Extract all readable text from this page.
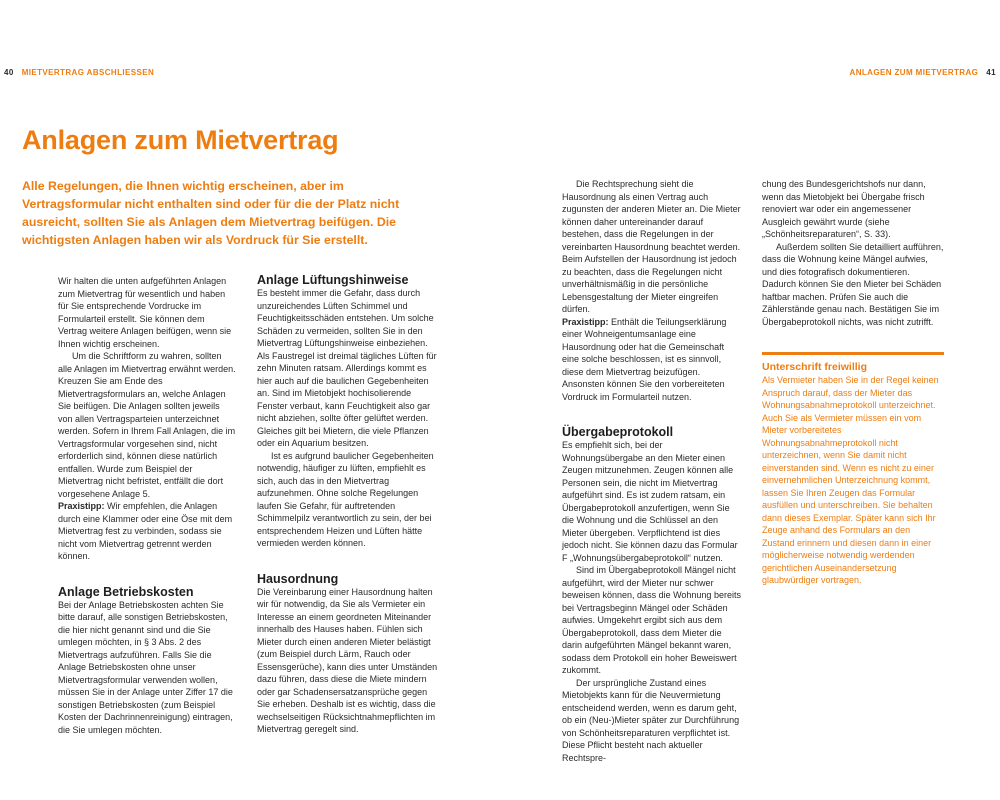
40 MIETVERTRAG ABSCHLIESSEN	ANLAGEN ZUM MIETVERTRAG 41
Anlagen zum Mietvertrag

Alle Regelungen, die Ihnen wichtig erscheinen, aber im Vertragsformular nicht enthalten sind oder für die der Platz nicht ausreicht, sollten Sie als Anlagen dem Mietvertrag beifügen. Die wichtigsten Anlagen haben wir als Vordruck für Sie erstellt.

Wir halten die unten aufgeführten Anlagen zum Mietvertrag für wesentlich und haben für Sie entsprechende Vordrucke im Formularteil erstellt. Sie können dem Vertrag weitere Anlagen beifügen, wenn sie Ihnen wichtig erscheinen.

Um die Schriftform zu wahren, sollten alle Anlagen im Mietvertrag erwähnt werden. Kreuzen Sie am Ende des Mietvertragsformulars an, welche Anlagen Sie beifügen. Die Anlagen sollten jeweils von allen Vertragsparteien unterzeichnet werden. Sofern in Ihrem Fall Anlagen, die im Vertragsformular vorgesehen sind, nicht erforderlich sind, können diese natürlich entfallen. Wurde zum Beispiel der Mietvertrag nicht befristet, entfällt die dort vorgesehene Anlage 5.

Praxistipp: Wir empfehlen, die Anlagen durch eine Klammer oder eine Öse mit dem Mietvertrag fest zu verbinden, sodass sie nicht vom Mietvertrag getrennt werden können.

Anlage Betriebskosten

Bei der Anlage Betriebskosten achten Sie bitte darauf, alle sonstigen Betriebskosten, die hier nicht genannt sind und die Sie umlegen möchten, in § 3 Abs. 2 des Mietvertrags aufzuführen. Falls Sie die Anlage Betriebskosten ohne unser Mietvertragsformular verwenden wollen, müssen Sie in der Anlage unter Ziffer 17 die sonstigen Betriebskosten (zum Beispiel Kosten der Dachrinnenreinigung) eintragen, die Sie umlegen möchten.

Anlage Lüftungshinweise

Es besteht immer die Gefahr, dass durch unzureichendes Lüften Schimmel und Feuchtigkeitsschäden entstehen. Um solche Schäden zu vermeiden, sollten Sie in den Mietvertrag Lüftungshinweise einbeziehen. Als Faustregel ist dreimal tägliches Lüften für zehn Minuten ratsam. Allerdings kommt es hier auch auf die baulichen Gegebenheiten an. Sind im Mietobjekt hochisolierende Fenster verbaut, kann Feuchtigkeit also gar nicht abziehen, sollte öfter gelüftet werden. Gleiches gilt bei Mietern, die viele Pflanzen oder ein Aquarium besitzen.

Ist es aufgrund baulicher Gegebenheiten notwendig, häufiger zu lüften, empfiehlt es sich, auch das in den Mietvertrag aufzunehmen. Ohne solche Regelungen laufen Sie Gefahr, für auftretenden Schimmelpilz verantwortlich zu sein, der bei entsprechendem Heizen und Lüften hätte vermieden werden können.

Hausordnung

Die Vereinbarung einer Hausordnung halten wir für notwendig, da Sie als Vermieter ein Interesse an einem geordneten Miteinander innerhalb des Hauses haben. Fühlen sich Mieter durch einen anderen Mieter belästigt (zum Beispiel durch Lärm, Rauch oder Essensgerüche), kann dies unter Umständen dazu führen, dass diese die Miete mindern oder gar Schadensersatzansprüche gegen Sie erheben. Deshalb ist es wichtig, dass die wechselseitigen Rücksichtnahmepflichten im Mietvertrag geregelt sind.

Die Rechtsprechung sieht die Hausordnung als einen Vertrag auch zugunsten der anderen Mieter an. Die Mieter können daher untereinander darauf bestehen, dass die Regelungen in der vereinbarten Hausordnung beachtet werden. Beim Aufstellen der Hausordnung ist jedoch zu beachten, dass die Regelungen nicht unverhältnismäßig in die persönliche Lebensgestaltung der Mieter eingreifen dürfen.

Praxistipp: Enthält die Teilungserklärung einer Wohneigentumsanlage eine Hausordnung oder hat die Gemeinschaft eine solche beschlossen, ist es sinnvoll, diese dem Mietvertrag beizufügen. Ansonsten können Sie den vorbereiteten Vordruck im Formularteil nutzen.

Übergabeprotokoll

Es empfiehlt sich, bei der Wohnungsübergabe an den Mieter einen Zeugen mitzunehmen. Zeugen können alle Personen sein, die nicht im Mietvertrag aufgeführt sind. Es ist zudem ratsam, ein Übergabeprotokoll anzufertigen, wenn Sie die Wohnung und die Schlüssel an den Mieter übergeben. Verpflichtend ist dies jedoch nicht. Sie können dazu das Formular F „Wohnungsübergabeprotokoll“ nutzen.

Sind im Übergabeprotokoll Mängel nicht aufgeführt, wird der Mieter nur schwer beweisen können, dass die Wohnung bereits bei Vertragsbeginn Mängel oder Schäden aufwies. Umgekehrt ergibt sich aus dem Übergabeprotokoll, dass dem Mieter die darin aufgeführten Mängel bekannt waren, sodass dem Protokoll ein hoher Beweiswert zukommt.

Der ursprüngliche Zustand eines Mietobjekts kann für die Neuvermietung entscheidend werden, wenn es darum geht, ob ein (Neu-)Mieter später zur Durchführung von Schönheitsreparaturen verpflichtet ist. Diese Pflicht besteht nach aktueller Rechtspre-

chung des Bundesgerichtshofs nur dann, wenn das Mietobjekt bei Übergabe frisch renoviert war oder ein angemessener Ausgleich gewährt wurde (siehe „Schönheitsreparaturen“, S. 33).

Außerdem sollten Sie detailliert aufführen, dass die Wohnung keine Mängel aufwies, und dies fotografisch dokumentieren. Dadurch können Sie den Mieter bei Schäden haftbar machen. Prüfen Sie auch die Zählerstände genau nach. Bestätigen Sie im Übergabeprotokoll nichts, was nicht zutrifft.

Unterschrift freiwillig

Als Vermieter haben Sie in der Regel keinen Anspruch darauf, dass der Mieter das Wohnungsabnahmeprotokoll unterzeichnet. Auch Sie als Vermieter müssen ein vom Mieter vorbereitetes Wohnungsabnahmeprotokoll nicht unterzeichnen, wenn Sie damit nicht einverstanden sind. Wenn es nicht zu einer einvernehmlichen Unterzeichnung kommt, lassen Sie Ihren Zeugen das Formular ausfüllen und unterschreiben. Sie behalten dann dieses Exemplar. Später kann sich Ihr Zeuge anhand des Formulars an den Zustand erinnern und diesen dann in einer möglicherweise notwendig werdenden gerichtlichen Auseinandersetzung glaubwürdiger vortragen.
